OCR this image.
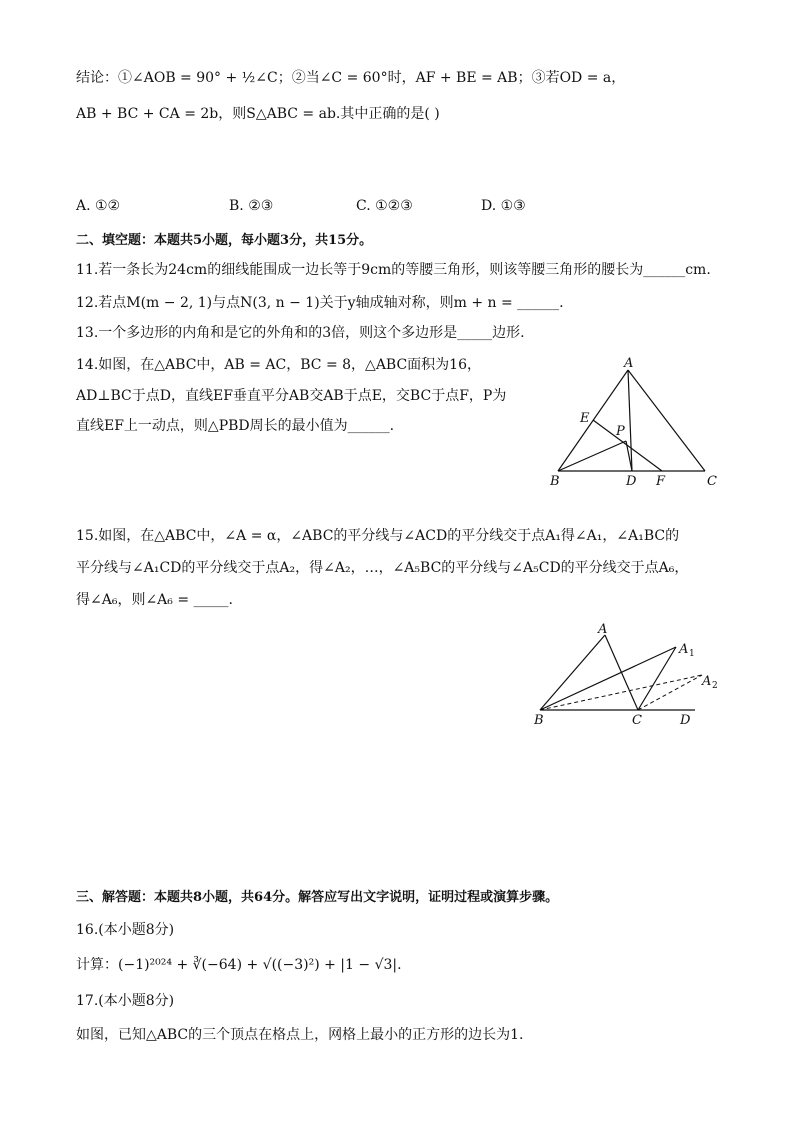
结论：①∠AOB = 90° + ½∠C；②当∠C = 60°时，AF + BE = AB；③若OD = a，
AB + BC + CA = 2b，则S△ABC = ab.其中正确的是( )
A. ①②	B. ②③	C. ①②③	D. ①③
二、填空题：本题共5小题，每小题3分，共15分。
11.若一条长为24cm的细线能围成一边长等于9cm的等腰三角形，则该等腰三角形的腰长为______cm.
12.若点M(m − 2, 1)与点N(3, n − 1)关于y轴成轴对称，则m + n = ______.
13.一个多边形的内角和是它的外角和的3倍，则这个多边形是_____边形.
14.如图，在△ABC中，AB = AC，BC = 8，△ABC面积为16，
AD⊥BC于点D，直线EF垂直平分AB交AB于点E，交BC于点F，P为
直线EF上一动点，则△PBD周长的最小值为______.
A
B	C
D
E
F
P
15.如图，在△ABC中，∠A = α，∠ABC的平分线与∠ACD的平分线交于点A₁得∠A₁，∠A₁BC的
平分线与∠A₁CD的平分线交于点A₂，得∠A₂，…，∠A₅BC的平分线与∠A₅CD的平分线交于点A₆，
得∠A₆，则∠A₆ = _____.
A
A 1
A 2
B	C	D
三、解答题：本题共8小题，共64分。解答应写出文字说明，证明过程或演算步骤。
16.(本小题8分)
计算：(−1)²⁰²⁴ + ∛(−64) + √((−3)²) + |1 − √3|.
17.(本小题8分)
如图，已知△ABC的三个顶点在格点上，网格上最小的正方形的边长为1.
